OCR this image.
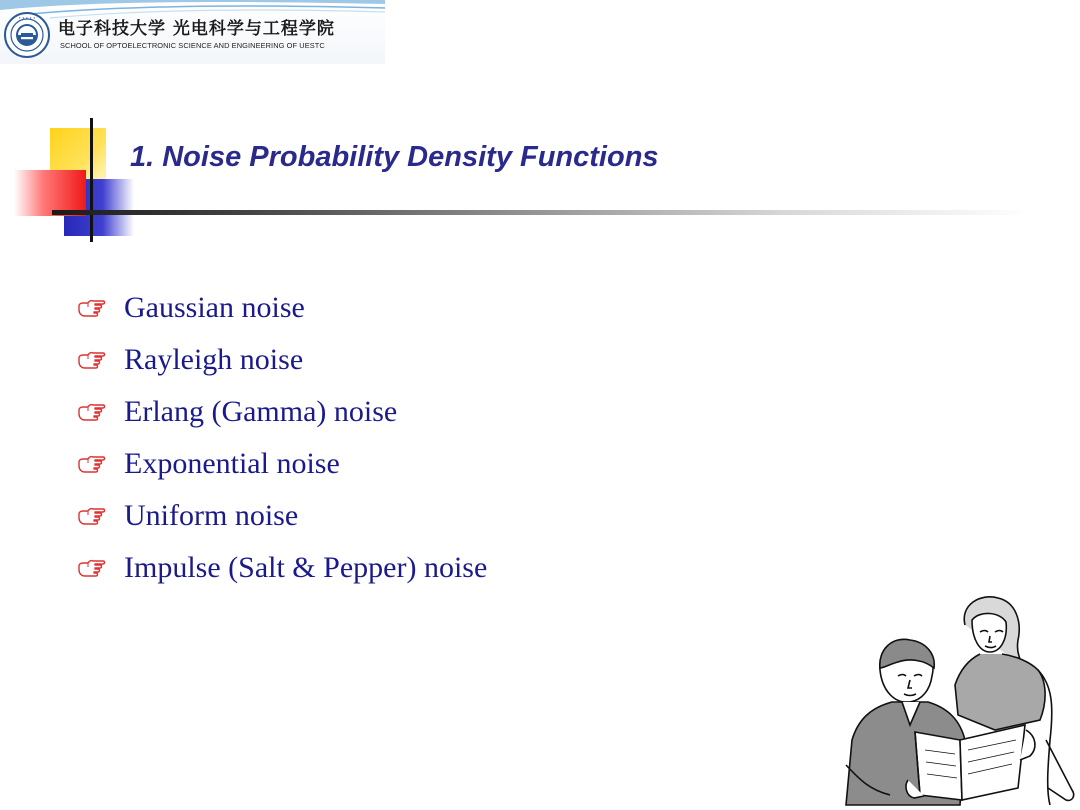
• • • • •
电子科技大学 光电科学与工程学院
SCHOOL OF OPTOELECTRONIC SCIENCE AND ENGINEERING OF UESTC
1. Noise Probability Density Functions
Gaussian noise
Rayleigh noise
Erlang (Gamma) noise
Exponential noise
Uniform noise
Impulse (Salt & Pepper) noise
